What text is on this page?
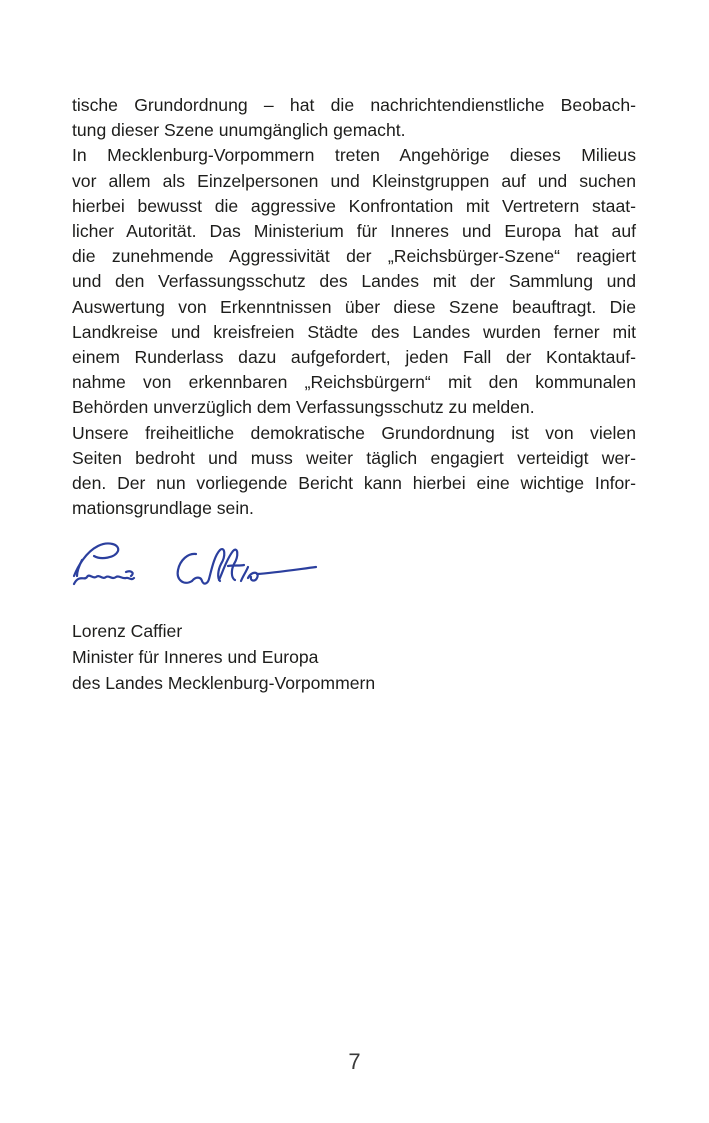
tische Grundordnung – hat die nachrichtendienstliche Beobach-
tung dieser Szene unumgänglich gemacht.
In Mecklenburg-Vorpommern treten Angehörige dieses Milieus
vor allem als Einzelpersonen und Kleinstgruppen auf und suchen
hierbei bewusst die aggressive Konfrontation mit Vertretern staat-
licher Autorität. Das Ministerium für Inneres und Europa hat auf
die zunehmende Aggressivität der „Reichsbürger-Szene“ reagiert
und den Verfassungsschutz des Landes mit der Sammlung und
Auswertung von Erkenntnissen über diese Szene beauftragt. Die
Landkreise und kreisfreien Städte des Landes wurden ferner mit
einem Runderlass dazu aufgefordert, jeden Fall der Kontaktauf-
nahme von erkennbaren „Reichsbürgern“ mit den kommunalen
Behörden unverzüglich dem Verfassungsschutz zu melden.
Unsere freiheitliche demokratische Grundordnung ist von vielen
Seiten bedroht und muss weiter täglich engagiert verteidigt wer-
den. Der nun vorliegende Bericht kann hierbei eine wichtige Infor-
mationsgrundlage sein.
Lorenz Caffier
Minister für Inneres und Europa
des Landes Mecklenburg-Vorpommern
7
